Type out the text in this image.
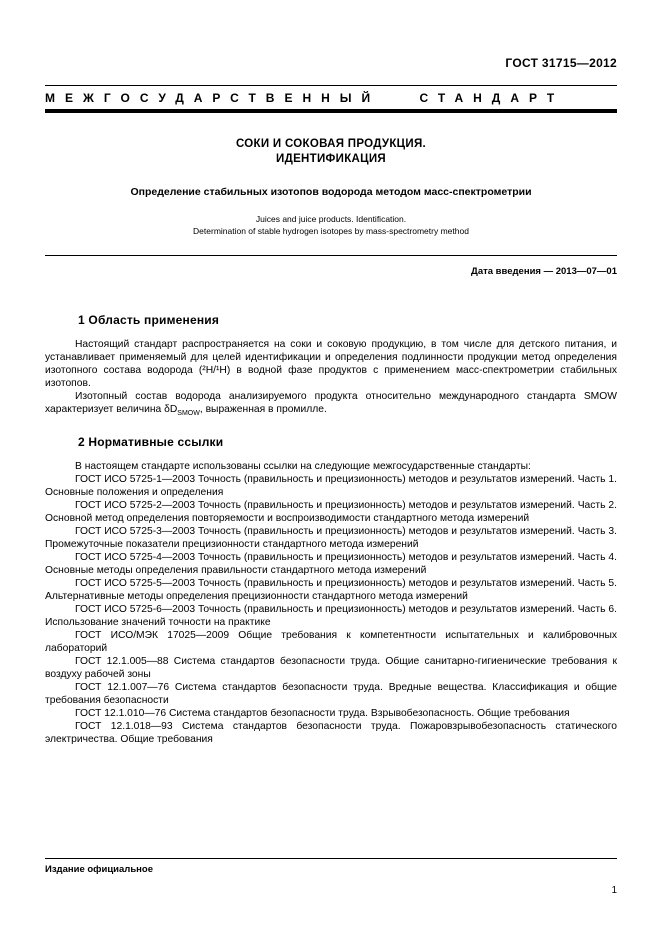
ГОСТ 31715—2012
МЕЖГОСУДАРСТВЕННЫЙ СТАНДАРТ
СОКИ И СОКОВАЯ ПРОДУКЦИЯ.
ИДЕНТИФИКАЦИЯ
Определение стабильных изотопов водорода методом масс-спектрометрии
Juices and juice products. Identification.
Determination of stable hydrogen isotopes by mass-spectrometry method
Дата введения — 2013—07—01
1 Область применения

Настоящий стандарт распространяется на соки и соковую продукцию, в том числе для детского питания, и устанавливает применяемый для целей идентификации и определения подлинности продукции метод определения изотопного состава водорода (²H/¹H) в водной фазе продуктов с применением масс-спектрометрии стабильных изотопов.

Изотопный состав водорода анализируемого продукта относительно международного стандарта SMOW характеризует величина $\delta D_{SMOW}$, выраженная в промилле.

2 Нормативные ссылки

В настоящем стандарте использованы ссылки на следующие межгосударственные стандарты:

ГОСТ ИСО 5725-1—2003 Точность (правильность и прецизионность) методов и результатов измерений. Часть 1. Основные положения и определения

ГОСТ ИСО 5725-2—2003 Точность (правильность и прецизионность) методов и результатов измерений. Часть 2. Основной метод определения повторяемости и воспроизводимости стандартного метода измерений

ГОСТ ИСО 5725-3—2003 Точность (правильность и прецизионность) методов и результатов измерений. Часть 3. Промежуточные показатели прецизионности стандартного метода измерений

ГОСТ ИСО 5725-4—2003 Точность (правильность и прецизионность) методов и результатов измерений. Часть 4. Основные методы определения правильности стандартного метода измерений

ГОСТ ИСО 5725-5—2003 Точность (правильность и прецизионность) методов и результатов измерений. Часть 5. Альтернативные методы определения прецизионности стандартного метода измерений

ГОСТ ИСО 5725-6—2003 Точность (правильность и прецизионность) методов и результатов измерений. Часть 6. Использование значений точности на практике

ГОСТ ИСО/МЭК 17025—2009 Общие требования к компетентности испытательных и калибровочных лабораторий

ГОСТ 12.1.005—88 Система стандартов безопасности труда. Общие санитарно-гигиенические требования к воздуху рабочей зоны

ГОСТ 12.1.007—76 Система стандартов безопасности труда. Вредные вещества. Классификация и общие требования безопасности

ГОСТ 12.1.010—76 Система стандартов безопасности труда. Взрывобезопасность. Общие требования

ГОСТ 12.1.018—93 Система стандартов безопасности труда. Пожаровзрывобезопасность статического электричества. Общие требования

Издание официальное
1
